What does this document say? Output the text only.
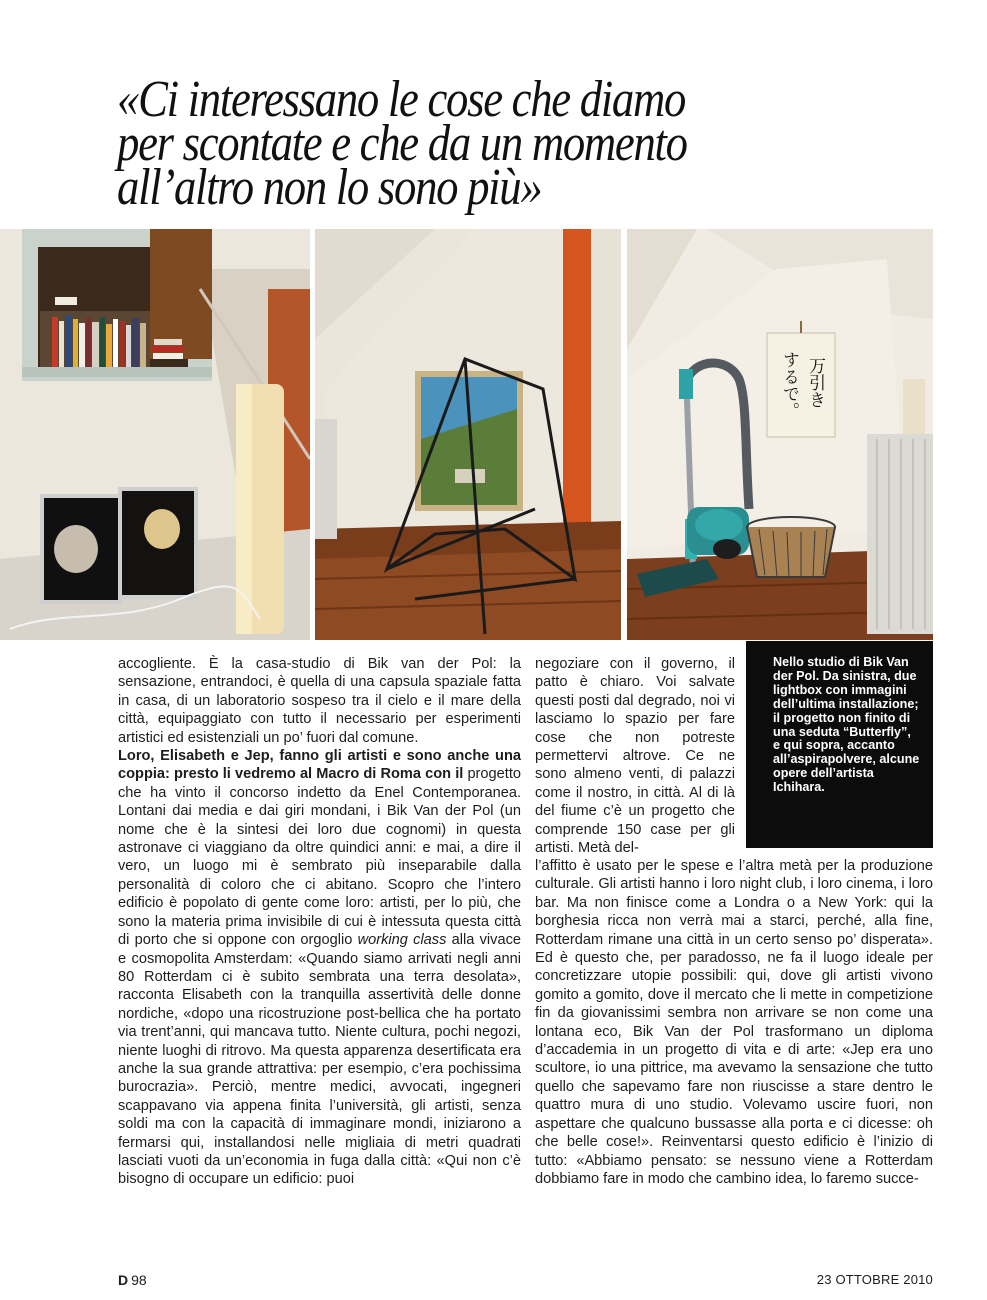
«Ci interessano le cose che diamo
per scontate e che da un momento
all’altro non lo sono più»
万引き
するで。
Nello studio di Bik Van der Pol. Da sinistra, due lightbox con immagini dell’ultima installazione; il progetto non finito di una seduta “Butterfly”, e qui sopra, accanto all’aspirapolvere, alcune opere dell’artista Ichihara.

accogliente. È la casa-studio di Bik van der Pol: la sensazione, entrandoci, è quella di una capsula spaziale fatta in casa, di un laboratorio sospeso tra il cielo e il mare della città, equipaggiato con tutto il necessario per esperimenti artistici ed esistenziali un po’ fuori dal comune.

Loro, Elisabeth e Jep, fanno gli artisti e sono anche una coppia: presto li vedremo al Macro di Roma con il progetto che ha vinto il concorso indetto da Enel Contemporanea. Lontani dai media e dai giri mondani, i Bik Van der Pol (un nome che è la sintesi dei loro due cognomi) in questa astronave ci viaggiano da oltre quindici anni: e mai, a dire il vero, un luogo mi è sembrato più inseparabile dalla personalità di coloro che ci abitano. Scopro che l’intero edificio è popolato di gente come loro: artisti, per lo più, che sono la materia prima invisibile di cui è intessuta questa città di porto che si oppone con orgoglio working class alla vivace e cosmopolita Amsterdam: «Quando siamo arrivati negli anni 80 Rotterdam ci è subito sembrata una terra desolata», racconta Elisabeth con la tranquilla assertività delle donne nordiche, «dopo una ricostruzione post-bellica che ha portato via trent’anni, qui mancava tutto. Niente cultura, pochi negozi, niente luoghi di ritrovo. Ma questa apparenza desertificata era anche la sua grande attrattiva: per esempio, c’era pochissima burocrazia». Perciò, mentre medici, avvocati, ingegneri scappavano via appena finita l’università, gli artisti, senza soldi ma con la capacità di immaginare mondi, iniziarono a fermarsi qui, installandosi nelle migliaia di metri quadrati lasciati vuoti da un’economia in fuga dalla città: «Qui non c’è bisogno di occupare un edificio: puoi

negoziare con il governo, il patto è chiaro. Voi salvate questi posti dal degrado, noi vi lasciamo lo spazio per fare cose che non potreste permettervi altrove. Ce ne sono almeno venti, di palazzi come il nostro, in città. Al di là del fiume c’è un progetto che comprende 150 case per gli artisti. Metà del-

l’affitto è usato per le spese e l’altra metà per la produzione culturale. Gli artisti hanno i loro night club, i loro cinema, i loro bar. Ma non finisce come a Londra o a New York: qui la borghesia ricca non verrà mai a starci, perché, alla fine, Rotterdam rimane una città in un certo senso po’ disperata». Ed è questo che, per paradosso, ne fa il luogo ideale per concretizzare utopie possibili: qui, dove gli artisti vivono gomito a gomito, dove il mercato che li mette in competizione fin da giovanissimi sembra non arrivare se non come una lontana eco, Bik Van der Pol trasformano un diploma d’accademia in un progetto di vita e di arte: «Jep era uno scultore, io una pittrice, ma avevamo la sensazione che tutto quello che sapevamo fare non riuscisse a stare dentro le quattro mura di uno studio. Volevamo uscire fuori, non aspettare che qualcuno bussasse alla porta e ci dicesse: oh che belle cose!». Reinventarsi questo edificio è l’inizio di tutto: «Abbiamo pensato: se nessuno viene a Rotterdam dobbiamo fare in modo che cambino idea, lo faremo succe-

D 98	23 OTTOBRE 2010
